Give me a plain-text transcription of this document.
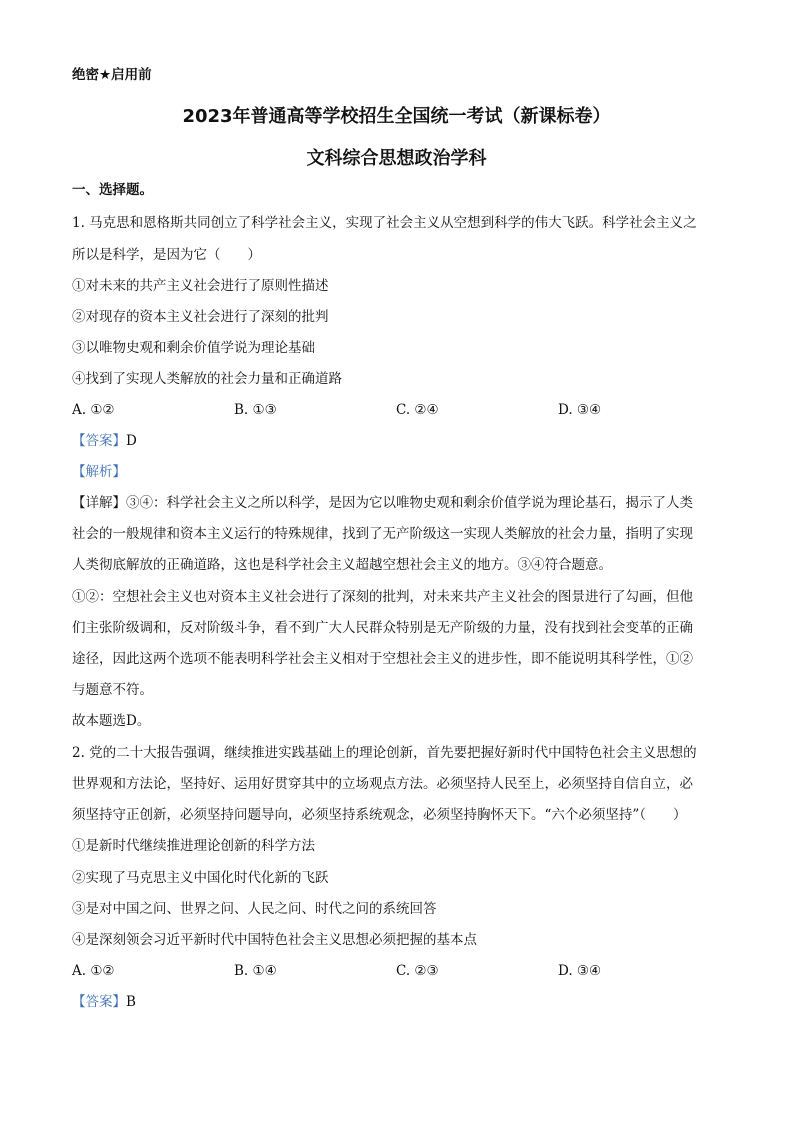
绝密★启用前
2023年普通高等学校招生全国统一考试（新课标卷）
文科综合思想政治学科
一、选择题。
1. 马克思和恩格斯共同创立了科学社会主义，实现了社会主义从空想到科学的伟大飞跃。科学社会主义之
所以是科学，是因为它（　　）
①对未来的共产主义社会进行了原则性描述
②对现存的资本主义社会进行了深刻的批判
③以唯物史观和剩余价值学说为理论基础
④找到了实现人类解放的社会力量和正确道路
A. ①②	B. ①③	C. ②④	D. ③④
【答案】D
【解析】
【详解】③④：科学社会主义之所以科学，是因为它以唯物史观和剩余价值学说为理论基石，揭示了人类
社会的一般规律和资本主义运行的特殊规律，找到了无产阶级这一实现人类解放的社会力量，指明了实现
人类彻底解放的正确道路，这也是科学社会主义超越空想社会主义的地方。③④符合题意。
①②：空想社会主义也对资本主义社会进行了深刻的批判，对未来共产主义社会的图景进行了勾画，但他
们主张阶级调和，反对阶级斗争，看不到广大人民群众特别是无产阶级的力量，没有找到社会变革的正确
途径，因此这两个选项不能表明科学社会主义相对于空想社会主义的进步性，即不能说明其科学性，①②
与题意不符。
故本题选D。
2. 党的二十大报告强调，继续推进实践基础上的理论创新，首先要把握好新时代中国特色社会主义思想的
世界观和方法论，坚持好、运用好贯穿其中的立场观点方法。必须坚持人民至上，必须坚持自信自立，必
须坚持守正创新，必须坚持问题导向，必须坚持系统观念，必须坚持胸怀天下。“六个必须坚持”（　　）
①是新时代继续推进理论创新的科学方法
②实现了马克思主义中国化时代化新的飞跃
③是对中国之问、世界之问、人民之问、时代之问的系统回答
④是深刻领会习近平新时代中国特色社会主义思想必须把握的基本点
A. ①②	B. ①④	C. ②③	D. ③④
【答案】B
